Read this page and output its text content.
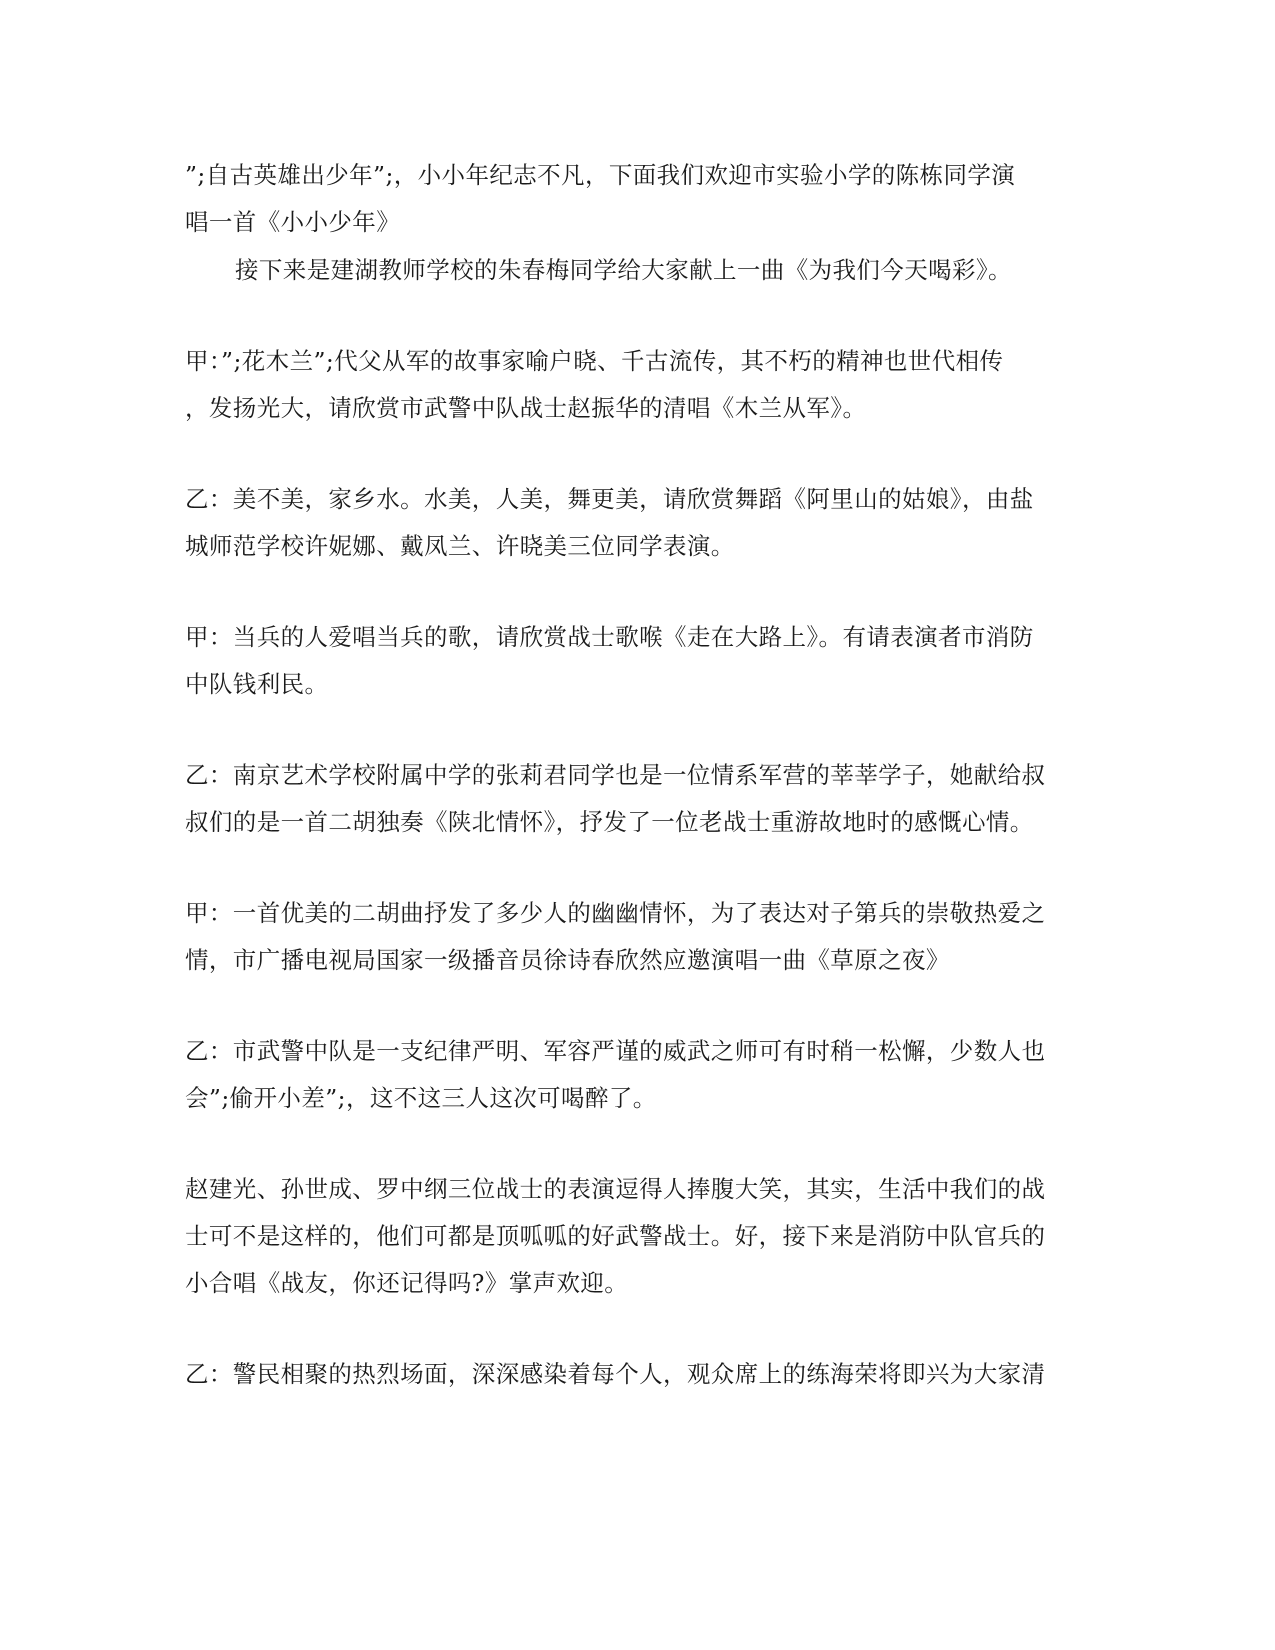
”;自古英雄出少年”;，小小年纪志不凡，下面我们欢迎市实验小学的陈栋同学演
唱一首《小小少年》
接下来是建湖教师学校的朱春梅同学给大家献上一曲《为我们今天喝彩》。
甲：”;花木兰”;代父从军的故事家喻户晓、千古流传，其不朽的精神也世代相传
，发扬光大，请欣赏市武警中队战士赵振华的清唱《木兰从军》。
乙：美不美，家乡水。水美，人美，舞更美，请欣赏舞蹈《阿里山的姑娘》，由盐
城师范学校许妮娜、戴凤兰、许晓美三位同学表演。
甲：当兵的人爱唱当兵的歌，请欣赏战士歌喉《走在大路上》。有请表演者市消防
中队钱利民。
乙：南京艺术学校附属中学的张莉君同学也是一位情系军营的莘莘学子，她献给叔
叔们的是一首二胡独奏《陕北情怀》，抒发了一位老战士重游故地时的感慨心情。
甲：一首优美的二胡曲抒发了多少人的幽幽情怀，为了表达对子第兵的崇敬热爱之
情，市广播电视局国家一级播音员徐诗春欣然应邀演唱一曲《草原之夜》
乙：市武警中队是一支纪律严明、军容严谨的威武之师可有时稍一松懈，少数人也
会”;偷开小差”;，这不这三人这次可喝醉了。
赵建光、孙世成、罗中纲三位战士的表演逗得人捧腹大笑，其实，生活中我们的战
士可不是这样的，他们可都是顶呱呱的好武警战士。好，接下来是消防中队官兵的
小合唱《战友，你还记得吗?》掌声欢迎。
乙：警民相聚的热烈场面，深深感染着每个人，观众席上的练海荣将即兴为大家清
